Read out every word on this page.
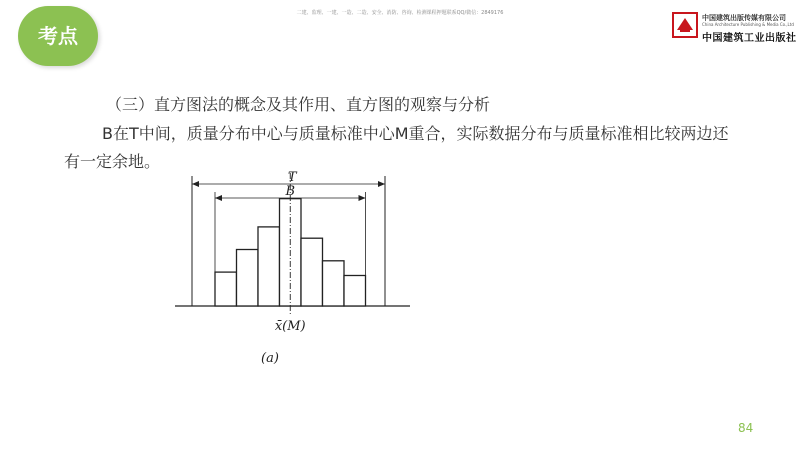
考点
二建、监理、一建、一造、二造、安全、消防、咨询、检测课程押题联系QQ/微信：2849176
中国建筑出版传媒有限公司
China Architecture Publishing & Media Co.,Ltd
中国建筑工业出版社
（三）直方图法的概念及其作用、直方图的观察与分析
B在T中间，质量分布中心与质量标准中心M重合，实际数据分布与质量标准相比较两边还有一定余地。
T
B
x̄(M)
(a)
84
